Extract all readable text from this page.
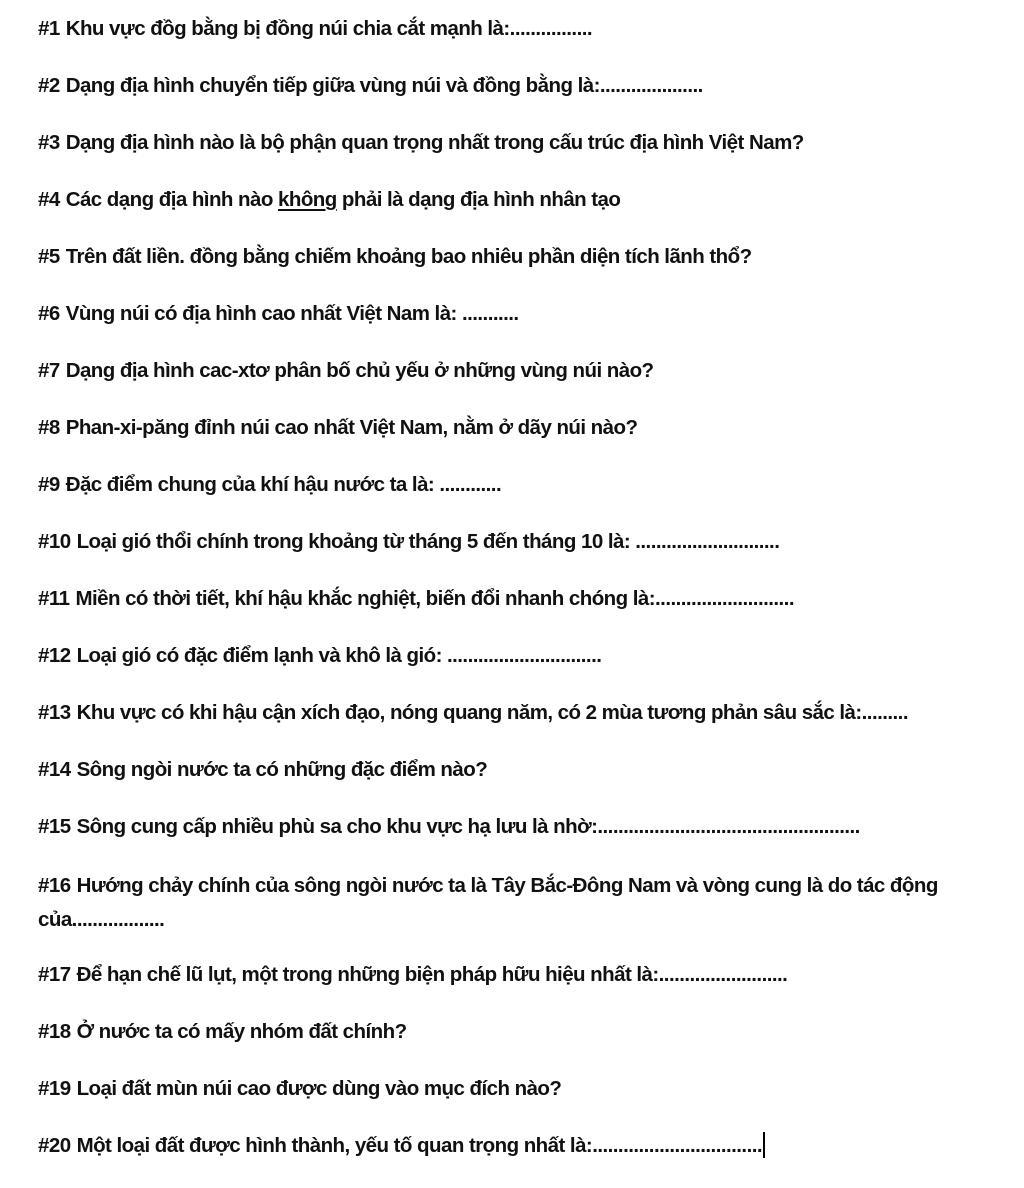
#1 Khu vực đồg bằng bị đồng núi chia cắt mạnh là:................

#2 Dạng địa hình chuyển tiếp giữa vùng núi và đồng bằng là:....................

#3 Dạng địa hình nào là bộ phận quan trọng nhất trong cấu trúc địa hình Việt Nam?

#4 Các dạng địa hình nào không phải là dạng địa hình nhân tạo

#5 Trên đất liền. đồng bằng chiếm khoảng bao nhiêu phần diện tích lãnh thổ?

#6 Vùng núi có địa hình cao nhất Việt Nam là: ...........

#7 Dạng địa hình cac-xtơ phân bố chủ yếu ở những vùng núi nào?

#8 Phan-xi-păng đỉnh núi cao nhất Việt Nam, nằm ở dãy núi nào?

#9 Đặc điểm chung của khí hậu nước ta là: ............

#10 Loại gió thổi chính trong khoảng từ tháng 5 đến tháng 10 là: ............................

#11 Miền có thời tiết, khí hậu khắc nghiệt, biến đổi nhanh chóng là:...........................

#12 Loại gió có đặc điểm lạnh và khô là gió: ..............................

#13 Khu vực có khi hậu cận xích đạo, nóng quang năm, có 2 mùa tương phản sâu sắc là:.........

#14 Sông ngòi nước ta có những đặc điểm nào?

#15 Sông cung cấp nhiều phù sa cho khu vực hạ lưu là nhờ:...................................................

#16 Hướng chảy chính của sông ngòi nước ta là Tây Bắc-Đông Nam và vòng cung là do tác động của..................

#17 Để hạn chế lũ lụt, một trong những biện pháp hữu hiệu nhất là:.........................

#18 Ở nước ta có mấy nhóm đất chính?

#19 Loại đất mùn núi cao được dùng vào mục đích nào?

#20 Một loại đất được hình thành, yếu tố quan trọng nhất là:.................................
